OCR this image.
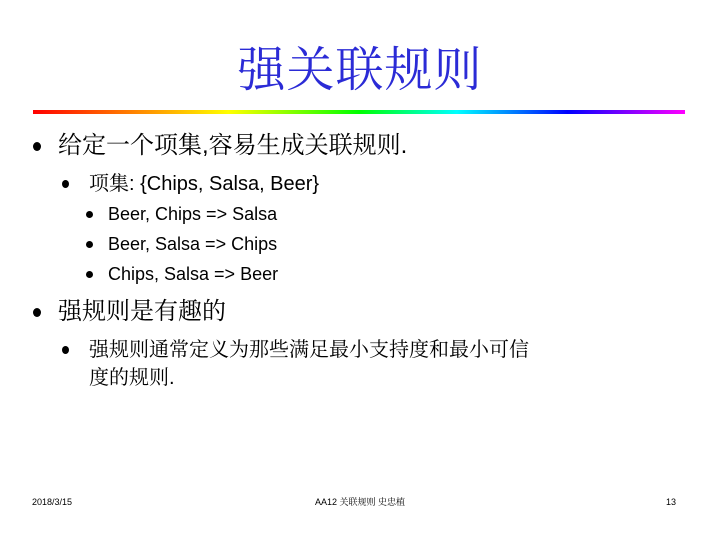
强关联规则
给定一个项集,容易生成关联规则.
项集: {Chips, Salsa, Beer}
Beer, Chips => Salsa
Beer, Salsa => Chips
Chips, Salsa => Beer
强规则是有趣的
强规则通常定义为那些满足最小支持度和最小可信
度的规则.
2018/3/15	AA12 关联规则 史忠植	13
